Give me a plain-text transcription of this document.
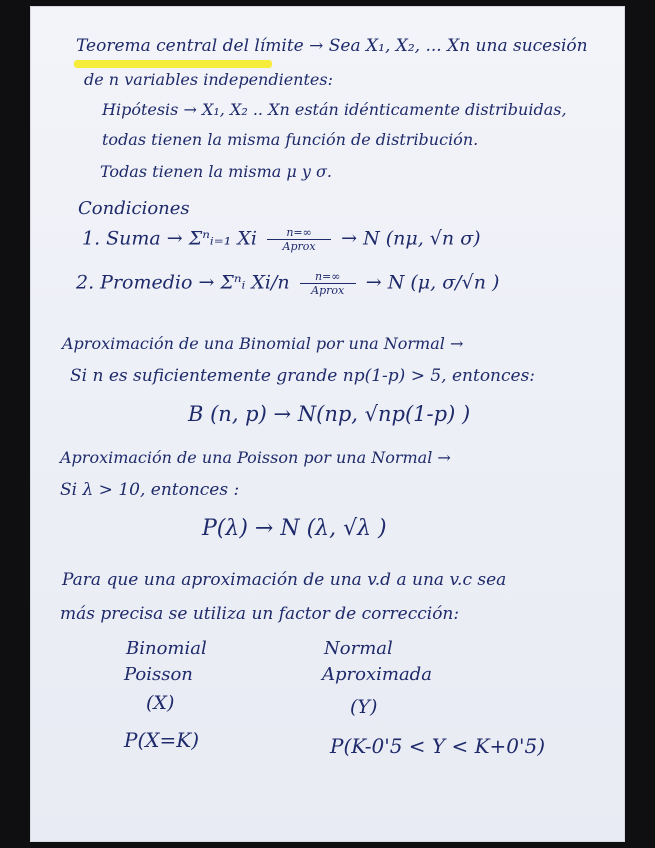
Teorema central del límite → Sea X₁, X₂, ... Xn una sucesión
de n variables independientes:
Hipótesis → X₁, X₂ .. Xn están idénticamente distribuidas,
todas tienen la misma función de distribución.
Todas tienen la misma μ y σ.
Condiciones
1. Suma → Σⁿᵢ₌₁ Xi	n=∞
Aprox	→ N (nμ, √n σ)
2. Promedio → Σⁿᵢ Xi/n	n=∞
Aprox	→ N (μ, σ/√n )
Aproximación de una Binomial por una Normal →
Si n es suficientemente grande np(1-p) > 5, entonces:
B (n, p) → N(np, √np(1-p) )
Aproximación de una Poisson por una Normal →
Si λ > 10, entonces :
P(λ) → N (λ, √λ )
Para que una aproximación de una v.d a una v.c sea
más precisa se utiliza un factor de corrección:
Binomial	Normal
Poisson	Aproximada
(X)	(Y)
P(X=K)	P(K-0'5 < Y < K+0'5)
